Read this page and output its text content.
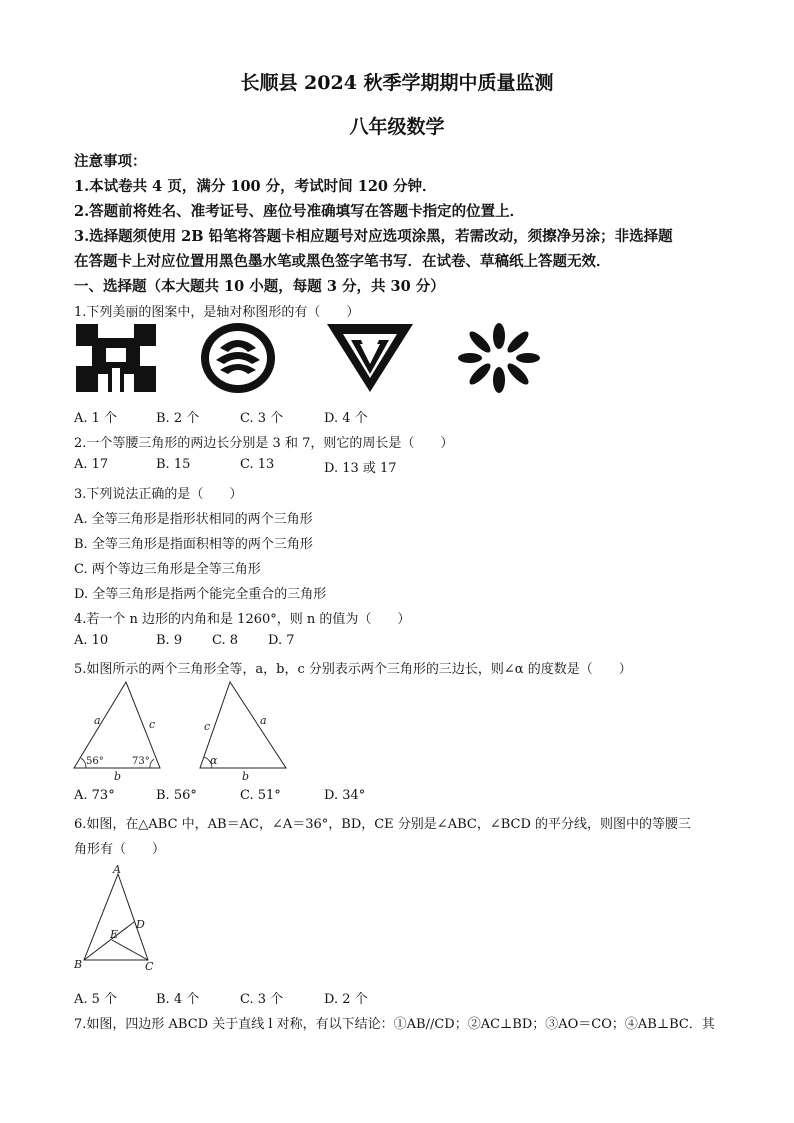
长顺县 2024 秋季学期期中质量监测
八年级数学
注意事项：
1.本试卷共 4 页，满分 100 分，考试时间 120 分钟．
2.答题前将姓名、准考证号、座位号准确填写在答题卡指定的位置上．
3.选择题须使用 2B 铅笔将答题卡相应题号对应选项涂黑，若需改动，须擦净另涂；非选择题
在答题卡上对应位置用黑色墨水笔或黑色签字笔书写．在试卷、草稿纸上答题无效．
一、选择题（本大题共 10 小题，每题 3 分，共 30 分）
1.下列美丽的图案中，是轴对称图形的有（　　）
A. 1 个	B. 2 个	C. 3 个	D. 4 个
2.一个等腰三角形的两边长分别是 3 和 7，则它的周长是（　　）
A. 17	B. 15	C. 13	D. 13 或 17
3.下列说法正确的是（　　）
A. 全等三角形是指形状相同的两个三角形
B. 全等三角形是指面积相等的两个三角形
C. 两个等边三角形是全等三角形
D. 全等三角形是指两个能完全重合的三角形
4.若一个 n 边形的内角和是 1260°，则 n 的值为（　　）
A. 10	B. 9 C. 8 D. 7
5.如图所示的两个三角形全等，a，b，c 分别表示两个三角形的三边长，则∠α 的度数是（　　）
a	c
b
56°	73°
c	a
b
α
A. 73°	B. 56°	C. 51°	D. 34°
6.如图，在△ABC 中，AB＝AC，∠A＝36°，BD，CE 分别是∠ABC，∠BCD 的平分线，则图中的等腰三
角形有（　　）
A
B	C
D
E
A. 5 个	B. 4 个	C. 3 个	D. 2 个
7.如图，四边形 ABCD 关于直线 l 对称，有以下结论：①AB//CD；②AC⊥BD；③AO＝CO；④AB⊥BC．其
